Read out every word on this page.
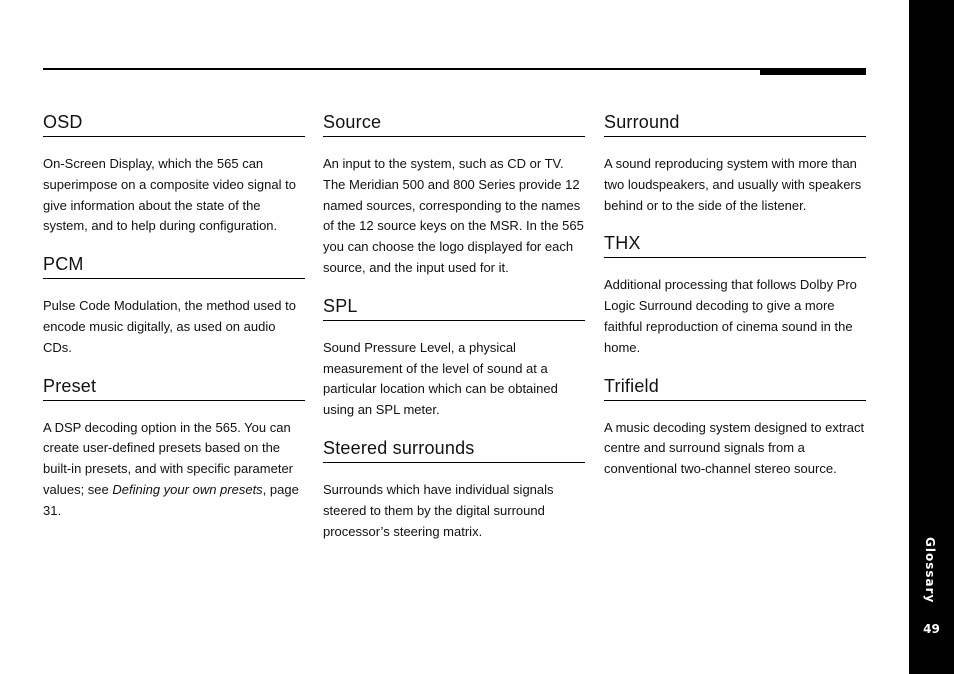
OSD

On-Screen Display, which the 565 can superimpose on a composite video signal to give information about the state of the system, and to help during configuration.

PCM

Pulse Code Modulation, the method used to encode music digitally, as used on audio CDs.

Preset

A DSP decoding option in the 565. You can create user-defined presets based on the built-in presets, and with specific parameter values; see Defining your own presets, page 31.

Source

An input to the system, such as CD or TV. The Meridian 500 and 800 Series provide 12 named sources, corresponding to the names of the 12 source keys on the MSR. In the 565 you can choose the logo displayed for each source, and the input used for it.

SPL

Sound Pressure Level, a physical measurement of the level of sound at a particular location which can be obtained using an SPL meter.

Steered surrounds

Surrounds which have individual signals steered to them by the digital surround processor’s steering matrix.

Surround

A sound reproducing system with more than two loudspeakers, and usually with speakers behind or to the side of the listener.

THX

Additional processing that follows Dolby Pro Logic Surround decoding to give a more faithful reproduction of cinema sound in the home.

Trifield

A music decoding system designed to extract centre and surround signals from a conventional two-channel stereo source.

Glossary
49
